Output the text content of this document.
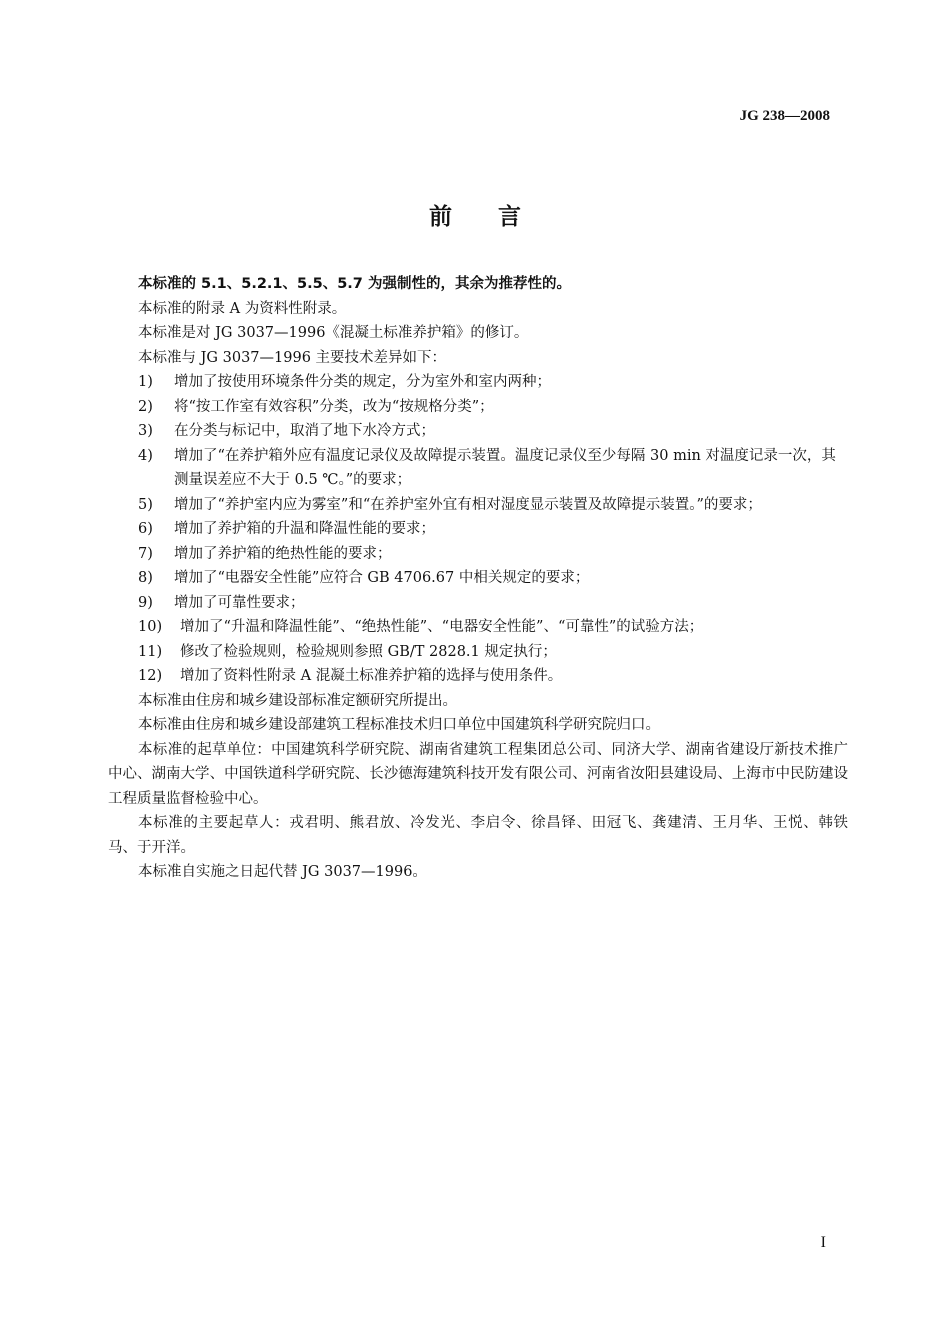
JG 238—2008
前　　言

本标准的 5.1、5.2.1、5.5、5.7 为强制性的，其余为推荐性的。

本标准的附录 A 为资料性附录。

本标准是对 JG 3037—1996《混凝土标准养护箱》的修订。

本标准与 JG 3037—1996 主要技术差异如下：

1)	增加了按使用环境条件分类的规定，分为室外和室内两种；
2)	将“按工作室有效容积”分类，改为“按规格分类”；
3)	在分类与标记中，取消了地下水冷方式；
4)	增加了“在养护箱外应有温度记录仪及故障提示装置。温度记录仪至少每隔 30 min 对温度记录一次，其测量误差应不大于 0.5 ℃。”的要求；
5)	增加了“养护室内应为雾室”和“在养护室外宜有相对湿度显示装置及故障提示装置。”的要求；
6)	增加了养护箱的升温和降温性能的要求；
7)	增加了养护箱的绝热性能的要求；
8)	增加了“电器安全性能”应符合 GB 4706.67 中相关规定的要求；
9)	增加了可靠性要求；
10)	增加了“升温和降温性能”、“绝热性能”、“电器安全性能”、“可靠性”的试验方法；
11)	修改了检验规则，检验规则参照 GB/T 2828.1 规定执行；
12)	增加了资料性附录 A 混凝土标准养护箱的选择与使用条件。

本标准由住房和城乡建设部标准定额研究所提出。

本标准由住房和城乡建设部建筑工程标准技术归口单位中国建筑科学研究院归口。

本标准的起草单位：中国建筑科学研究院、湖南省建筑工程集团总公司、同济大学、湖南省建设厅新技术推广中心、湖南大学、中国铁道科学研究院、长沙德海建筑科技开发有限公司、河南省汝阳县建设局、上海市中民防建设工程质量监督检验中心。

本标准的主要起草人：戎君明、熊君放、冷发光、李启令、徐昌铎、田冠飞、龚建清、王月华、王悦、韩铁马、于开洋。

本标准自实施之日起代替 JG 3037—1996。

I
